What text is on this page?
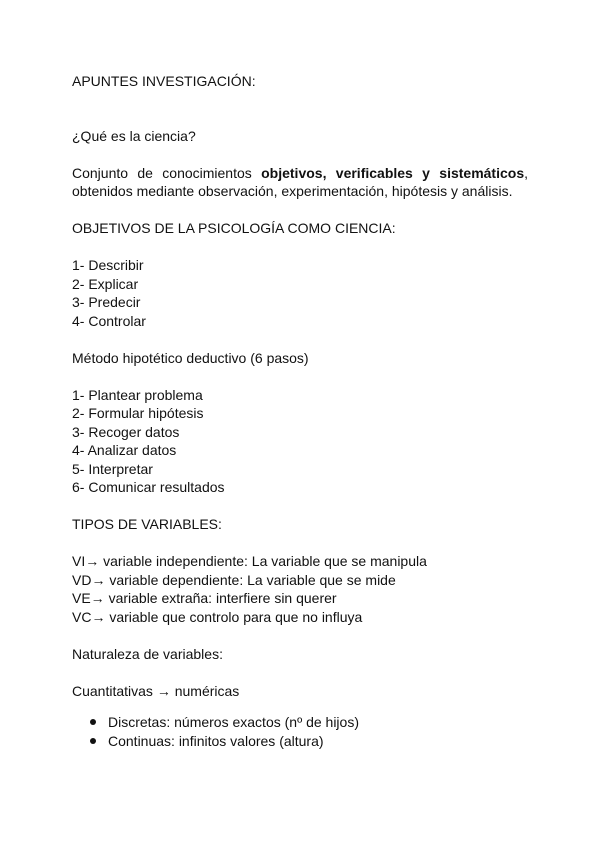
APUNTES INVESTIGACIÓN:

¿Qué es la ciencia?

Conjunto de conocimientos objetivos, verificables y sistemáticos, obtenidos mediante observación, experimentación, hipótesis y análisis.

OBJETIVOS DE LA PSICOLOGÍA COMO CIENCIA:

1- Describir

2- Explicar

3- Predecir

4- Controlar

Método hipotético deductivo (6 pasos)

1- Plantear problema

2- Formular hipótesis

3- Recoger datos

4- Analizar datos

5- Interpretar

6- Comunicar resultados

TIPOS DE VARIABLES:

VI→ variable independiente: La variable que se manipula

VD→ variable dependiente: La variable que se mide

VE→ variable extraña: interfiere sin querer

VC→ variable que controlo para que no influya

Naturaleza de variables:

Cuantitativas → numéricas

Discretas: números exactos (nº de hijos)
Continuas: infinitos valores (altura)
